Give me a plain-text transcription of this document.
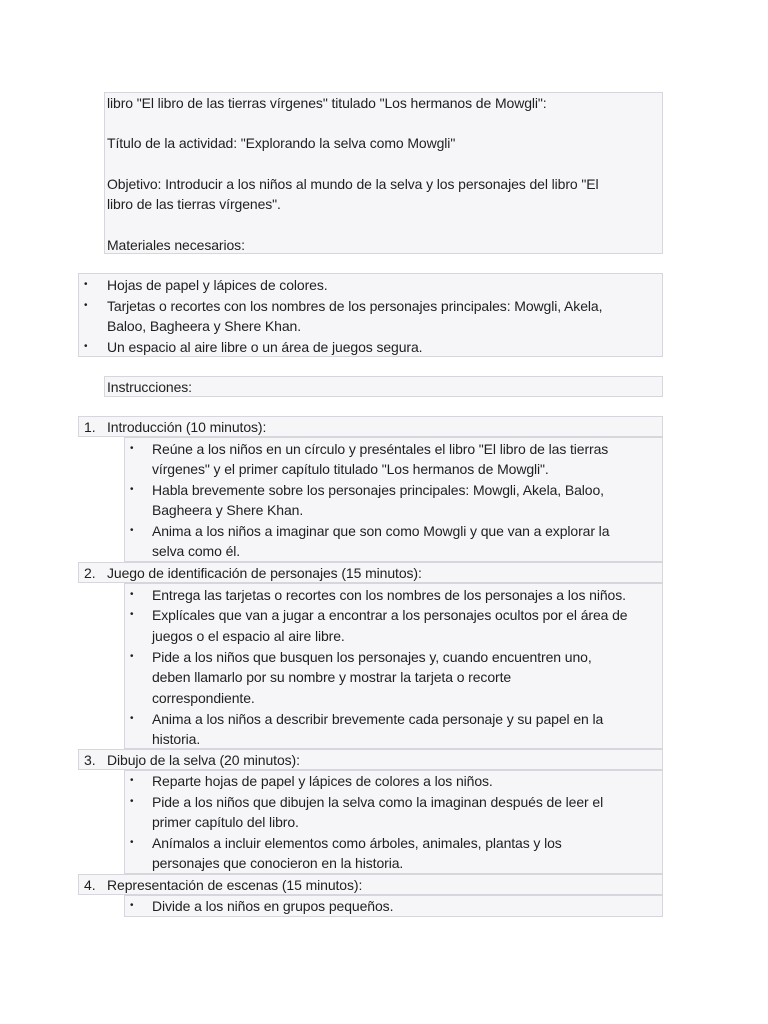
libro "El libro de las tierras vírgenes" titulado "Los hermanos de Mowgli":
Título de la actividad: "Explorando la selva como Mowgli"
Objetivo: Introducir a los niños al mundo de la selva y los personajes del libro "El
libro de las tierras vírgenes".
Materiales necesarios:
• Hojas de papel y lápices de colores.
• Tarjetas o recortes con los nombres de los personajes principales: Mowgli, Akela,
Baloo, Bagheera y Shere Khan.
• Un espacio al aire libre o un área de juegos segura.
Instrucciones:
1. Introducción (10 minutos):
• Reúne a los niños en un círculo y preséntales el libro "El libro de las tierras
vírgenes" y el primer capítulo titulado "Los hermanos de Mowgli".
• Habla brevemente sobre los personajes principales: Mowgli, Akela, Baloo,
Bagheera y Shere Khan.
• Anima a los niños a imaginar que son como Mowgli y que van a explorar la
selva como él.
2. Juego de identificación de personajes (15 minutos):
• Entrega las tarjetas o recortes con los nombres de los personajes a los niños.
• Explícales que van a jugar a encontrar a los personajes ocultos por el área de
juegos o el espacio al aire libre.
• Pide a los niños que busquen los personajes y, cuando encuentren uno,
deben llamarlo por su nombre y mostrar la tarjeta o recorte
correspondiente.
• Anima a los niños a describir brevemente cada personaje y su papel en la
historia.
3. Dibujo de la selva (20 minutos):
• Reparte hojas de papel y lápices de colores a los niños.
• Pide a los niños que dibujen la selva como la imaginan después de leer el
primer capítulo del libro.
• Anímalos a incluir elementos como árboles, animales, plantas y los
personajes que conocieron en la historia.
4. Representación de escenas (15 minutos):
• Divide a los niños en grupos pequeños.
